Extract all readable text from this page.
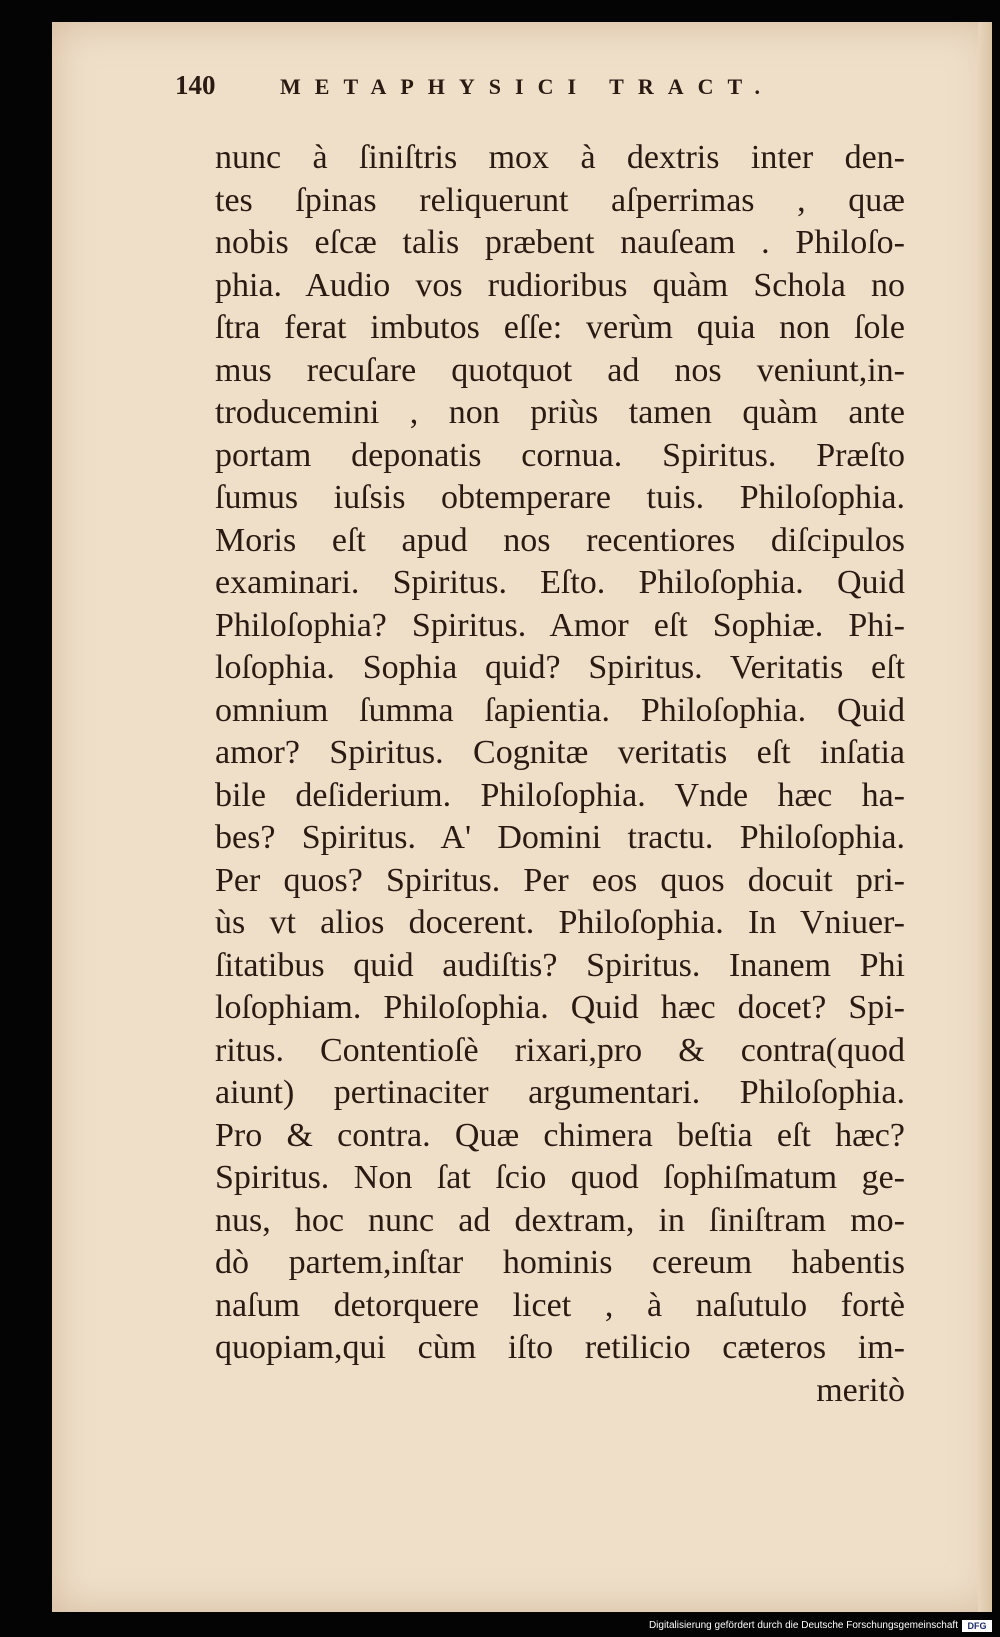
140	METAPHYSICI TRACT.
nunc à ſiniſtris mox à dextris inter den-
tes ſpinas reliquerunt aſperrimas , quæ
nobis eſcæ talis præbent nauſeam . Philoſo-
phia. Audio vos rudioribus quàm Schola no
ſtra ferat imbutos eſſe: verùm quia non ſole
mus recuſare quotquot ad nos veniunt,in-
troducemini , non priùs tamen quàm ante
portam deponatis cornua. Spiritus. Præſto
ſumus iuſsis obtemperare tuis. Philoſophia.
Moris eſt apud nos recentiores diſcipulos
examinari. Spiritus. Eſto. Philoſophia. Quid
Philoſophia? Spiritus. Amor eſt Sophiæ. Phi-
loſophia. Sophia quid? Spiritus. Veritatis eſt
omnium ſumma ſapientia. Philoſophia. Quid
amor? Spiritus. Cognitæ veritatis eſt inſatia
bile deſiderium. Philoſophia. Vnde hæc ha-
bes? Spiritus. A' Domini tractu. Philoſophia.
Per quos? Spiritus. Per eos quos docuit pri-
ùs vt alios docerent. Philoſophia. In Vniuer-
ſitatibus quid audiſtis? Spiritus. Inanem Phi
loſophiam. Philoſophia. Quid hæc docet? Spi-
ritus. Contentioſè rixari,pro & contra(quod
aiunt) pertinaciter argumentari. Philoſophia.
Pro & contra. Quæ chimera beſtia eſt hæc?
Spiritus. Non ſat ſcio quod ſophiſmatum ge-
nus, hoc nunc ad dextram, in ſiniſtram mo-
dò partem,inſtar hominis cereum habentis
naſum detorquere licet , à naſutulo fortè
quopiam,qui cùm iſto retilicio cæteros im-
meritò
Digitalisierung gefördert durch die Deutsche Forschungsgemeinschaft	DFG
